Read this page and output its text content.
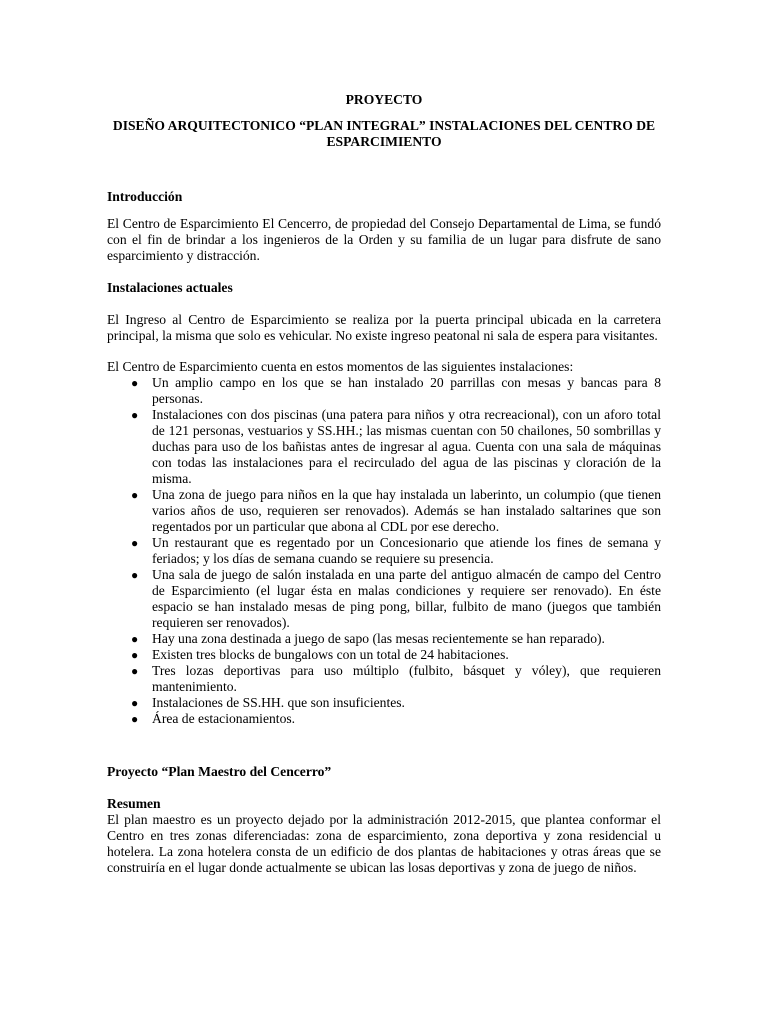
PROYECTO
DISEÑO ARQUITECTONICO “PLAN INTEGRAL” INSTALACIONES DEL CENTRO DE ESPARCIMIENTO
Introducción

El Centro de Esparcimiento El Cencerro, de propiedad del Consejo Departamental de Lima, se fundó con el fin de brindar a los ingenieros de la Orden y su familia de un lugar para disfrute de sano esparcimiento y distracción.

Instalaciones actuales

El Ingreso al Centro de Esparcimiento se realiza por la puerta principal ubicada en la carretera principal, la misma que solo es vehicular. No existe ingreso peatonal ni sala de espera para visitantes.

El Centro de Esparcimiento cuenta en estos momentos de las siguientes instalaciones:

● Un amplio campo en los que se han instalado 20 parrillas con mesas y bancas para 8 personas.
● Instalaciones con dos piscinas (una patera para niños y otra recreacional), con un aforo total de 121 personas, vestuarios y SS.HH.; las mismas cuentan con 50 chailones, 50 sombrillas y duchas para uso de los bañistas antes de ingresar al agua. Cuenta con una sala de máquinas con todas las instalaciones para el recirculado del agua de las piscinas y cloración de la misma.
● Una zona de juego para niños en la que hay instalada un laberinto, un columpio (que tienen varios años de uso, requieren ser renovados). Además se han instalado saltarines que son regentados por un particular que abona al CDL por ese derecho.
● Un restaurant que es regentado por un Concesionario que atiende los fines de semana y feriados; y los días de semana cuando se requiere su presencia.
● Una sala de juego de salón instalada en una parte del antiguo almacén de campo del Centro de Esparcimiento (el lugar ésta en malas condiciones y requiere ser renovado). En éste espacio se han instalado mesas de ping pong, billar, fulbito de mano (juegos que también requieren ser renovados).
● Hay una zona destinada a juego de sapo (las mesas recientemente se han reparado).
● Existen tres blocks de bungalows con un total de 24 habitaciones.
● Tres lozas deportivas para uso múltiplo (fulbito, básquet y vóley), que requieren mantenimiento.
● Instalaciones de SS.HH. que son insuficientes.
● Área de estacionamientos.
Proyecto “Plan Maestro del Cencerro”
Resumen

El plan maestro es un proyecto dejado por la administración 2012-2015, que plantea conformar el Centro en tres zonas diferenciadas: zona de esparcimiento, zona deportiva y zona residencial u hotelera. La zona hotelera consta de un edificio de dos plantas de habitaciones y otras áreas que se construiría en el lugar donde actualmente se ubican las losas deportivas y zona de juego de niños.
